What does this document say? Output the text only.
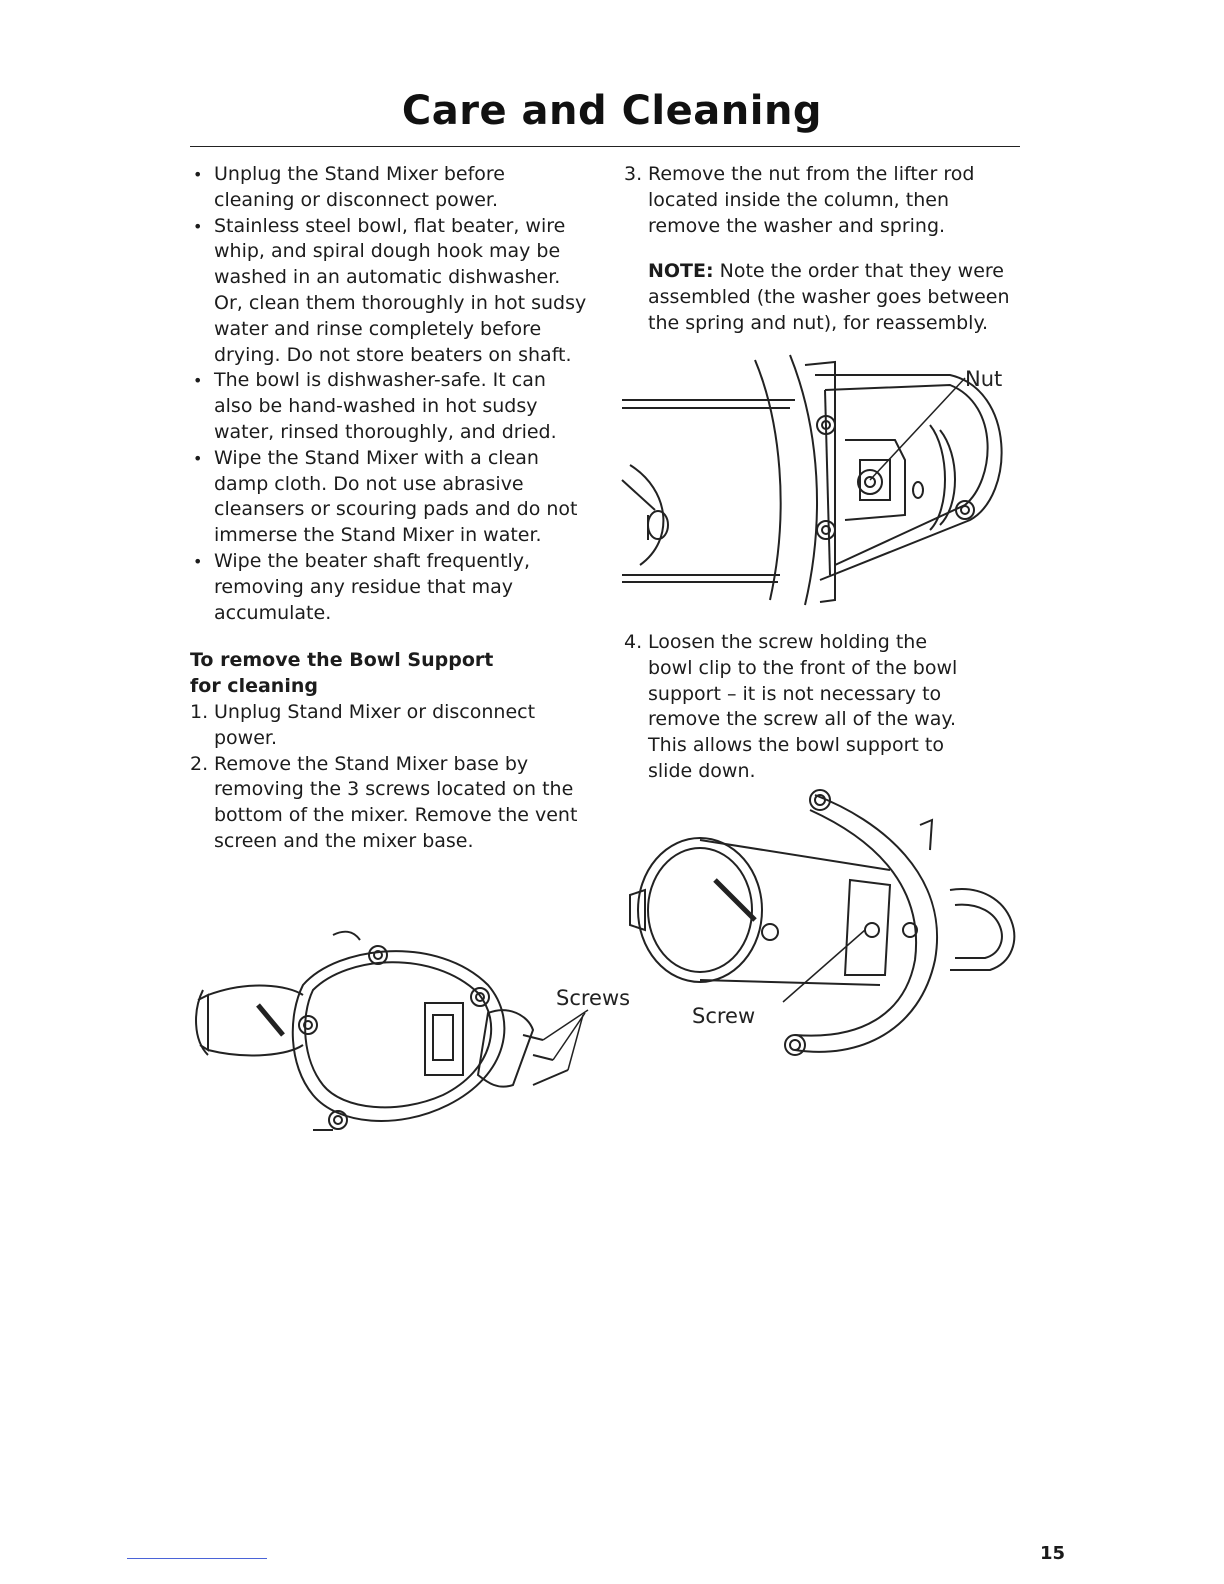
Care and Cleaning
• Unplug the Stand Mixer before cleaning or disconnect power.
• Stainless steel bowl, flat beater, wire whip, and spiral dough hook may be washed in an automatic dishwasher. Or, clean them thoroughly in hot sudsy water and rinse completely before drying. Do not store beaters on shaft.
• The bowl is dishwasher-safe. It can also be hand-washed in hot sudsy water, rinsed thoroughly, and dried.
• Wipe the Stand Mixer with a clean damp cloth. Do not use abrasive cleansers or scouring pads and do not immerse the Stand Mixer in water.
• Wipe the beater shaft frequently, removing any residue that may accumulate.
To remove the Bowl Support for cleaning
1. Unplug Stand Mixer or disconnect power.
2. Remove the Stand Mixer base by removing the 3 screws located on the bottom of the mixer. Remove the vent screen and the mixer base.
3. Remove the nut from the lifter rod located inside the column, then remove the washer and spring.
NOTE: Note the order that they were assembled (the washer goes between the spring and nut), for reassembly.
4. Loosen the screw holding the bowl clip to the front of the bowl support – it is not necessary to remove the screw all of the way. This allows the bowl support to slide down.
Nut
Screws
Screw
15
